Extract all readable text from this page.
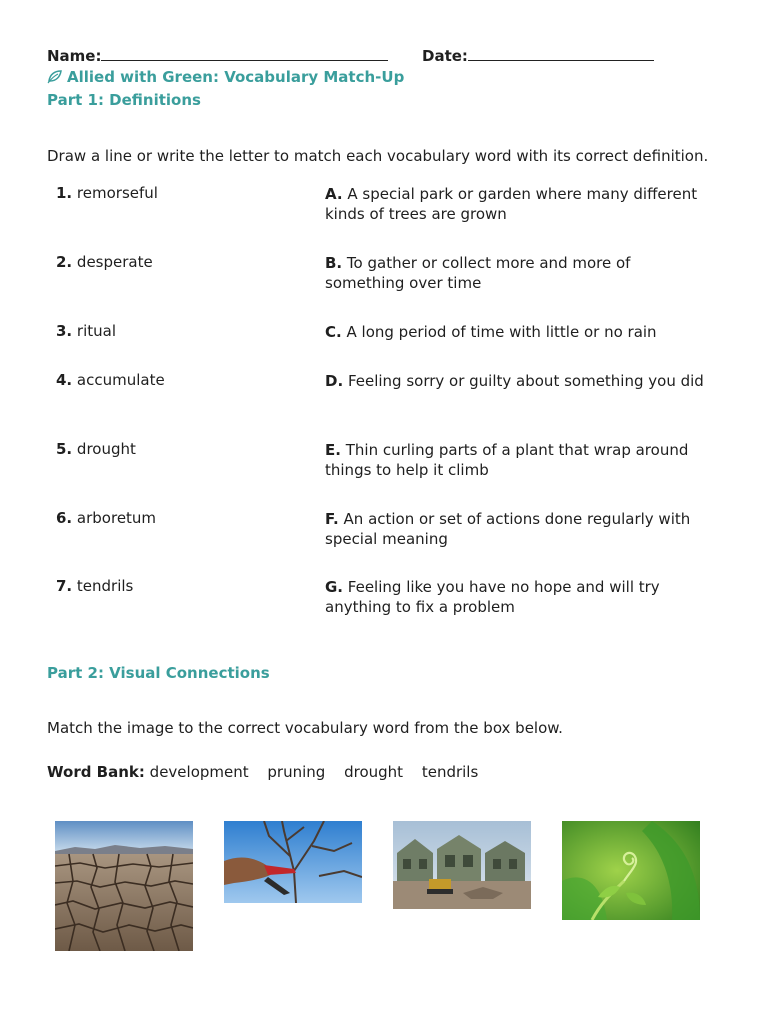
Name:	Date:
Allied with Green: Vocabulary Match-Up
Part 1: Definitions
Draw a line or write the letter to match each vocabulary word with its correct definition.
1. remorseful	A. A special park or garden where many different kinds of trees are grown
2. desperate	B. To gather or collect more and more of something over time
3. ritual	C. A long period of time with little or no rain
4. accumulate	D. Feeling sorry or guilty about something you did
5. drought	E. Thin curling parts of a plant that wrap around things to help it climb
6. arboretum	F. An action or set of actions done regularly with special meaning
7. tendrils	G. Feeling like you have no hope and will try anything to fix a problem
Part 2: Visual Connections
Match the image to the correct vocabulary word from the box below.
Word Bank: development pruning drought tendrils
